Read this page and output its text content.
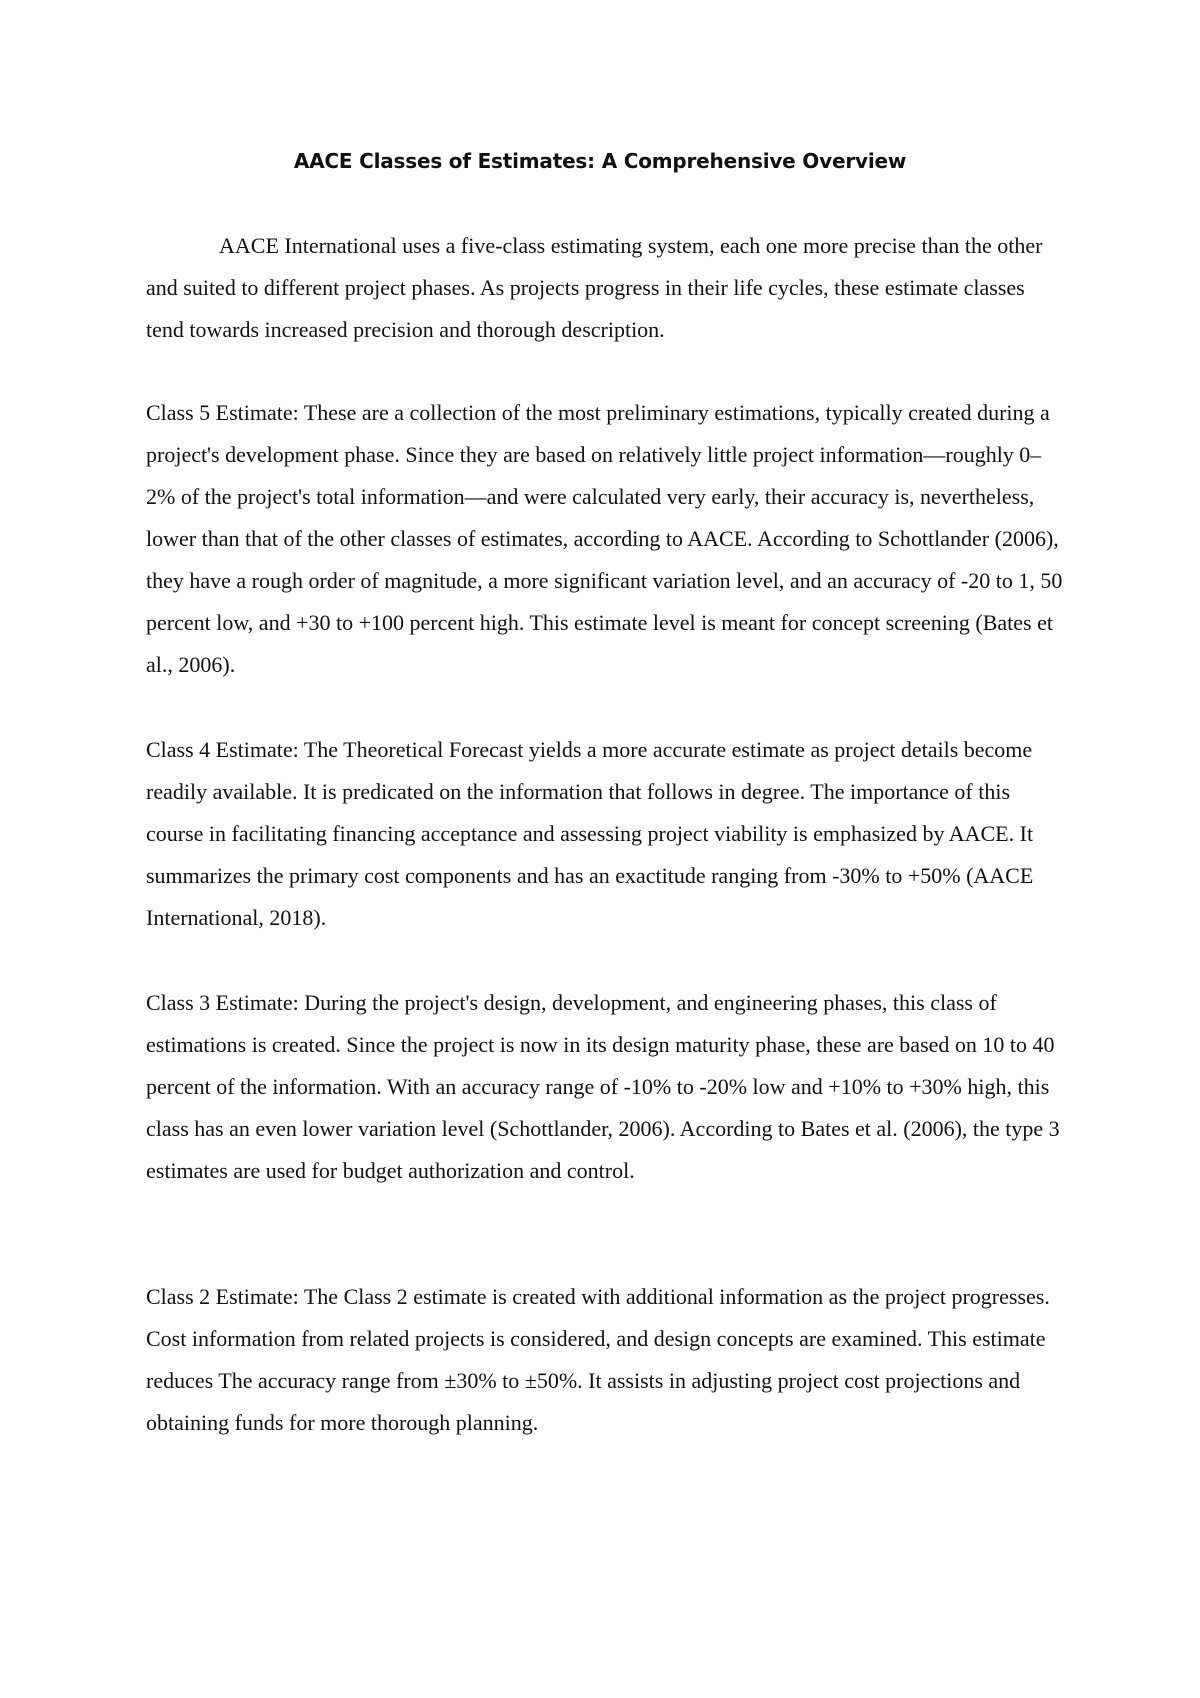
AACE Classes of Estimates: A Comprehensive Overview

AACE International uses a five-class estimating system, each one more precise than the other and suited to different project phases. As projects progress in their life cycles, these estimate classes tend towards increased precision and thorough description.

Class 5 Estimate: These are a collection of the most preliminary estimations, typically created during a project's development phase. Since they are based on relatively little project information—roughly 0–2% of the project's total information—and were calculated very early, their accuracy is, nevertheless, lower than that of the other classes of estimates, according to AACE. According to Schottlander (2006), they have a rough order of magnitude, a more significant variation level, and an accuracy of -20 to 1, 50 percent low, and +30 to +100 percent high. This estimate level is meant for concept screening (Bates et al., 2006).

Class 4 Estimate: The Theoretical Forecast yields a more accurate estimate as project details become readily available. It is predicated on the information that follows in degree. The importance of this course in facilitating financing acceptance and assessing project viability is emphasized by AACE. It summarizes the primary cost components and has an exactitude ranging from -30% to +50% (AACE International, 2018).

Class 3 Estimate: During the project's design, development, and engineering phases, this class of estimations is created. Since the project is now in its design maturity phase, these are based on 10 to 40 percent of the information. With an accuracy range of -10% to -20% low and +10% to +30% high, this class has an even lower variation level (Schottlander, 2006). According to Bates et al. (2006), the type 3 estimates are used for budget authorization and control.

Class 2 Estimate: The Class 2 estimate is created with additional information as the project progresses. Cost information from related projects is considered, and design concepts are examined. This estimate reduces The accuracy range from ±30% to ±50%. It assists in adjusting project cost projections and obtaining funds for more thorough planning.
